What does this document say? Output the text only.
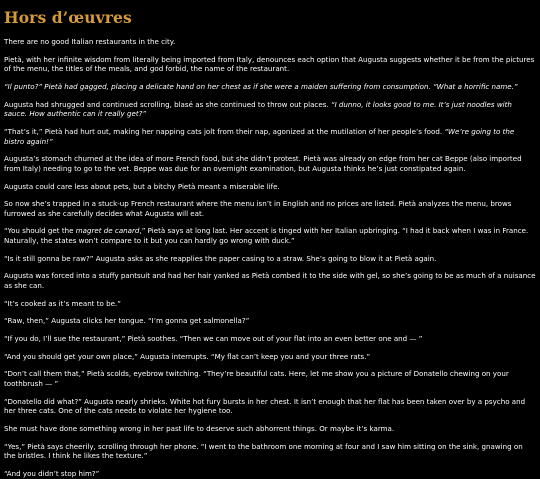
Hors d’œuvres

There are no good Italian restaurants in the city.

Pietà, with her infinite wisdom from literally being imported from Italy, denounces each option that Augusta suggests whether it be from the pictures of the menu, the titles of the meals, and god forbid, the name of the restaurant.

“Il punto?” Pietà had gagged, placing a delicate hand on her chest as if she were a maiden suffering from consumption. “What a horrific name.”

Augusta had shrugged and continued scrolling, blasé as she continued to throw out places. “I dunno, it looks good to me. It’s just noodles with sauce. How authentic can it really get?”

“That’s it,” Pietà had hurt out, making her napping cats jolt from their nap, agonized at the mutilation of her people’s food. “We’re going to the bistro again!”

Augusta’s stomach churned at the idea of more French food, but she didn’t protest. Pietà was already on edge from her cat Beppe (also imported from Italy) needing to go to the vet. Beppe was due for an overnight examination, but Augusta thinks he’s just constipated again.

Augusta could care less about pets, but a bitchy Pietà meant a miserable life.

So now she’s trapped in a stuck-up French restaurant where the menu isn’t in English and no prices are listed. Pietà analyzes the menu, brows furrowed as she carefully decides what Augusta will eat.

“You should get the magret de canard,” Pietà says at long last. Her accent is tinged with her Italian upbringing. “I had it back when I was in France. Naturally, the states won’t compare to it but you can hardly go wrong with duck.”

“Is it still gonna be raw?” Augusta asks as she reapplies the paper casing to a straw. She’s going to blow it at Pietà again.

Augusta was forced into a stuffy pantsuit and had her hair yanked as Pietà combed it to the side with gel, so she’s going to be as much of a nuisance as she can.

“It’s cooked as it’s meant to be.”

“Raw, then,” Augusta clicks her tongue. “I’m gonna get salmonella?”

“If you do, I’ll sue the restaurant,” Pietà soothes. “Then we can move out of your flat into an even better one and — ”

“And you should get your own place,” Augusta interrupts. “My flat can’t keep you and your three rats.”

“Don’t call them that,” Pietà scolds, eyebrow twitching. “They’re beautiful cats. Here, let me show you a picture of Donatello chewing on your toothbrush — ”

“Donatello did what?” Augusta nearly shrieks. White hot fury bursts in her chest. It isn’t enough that her flat has been taken over by a psycho and her three cats. One of the cats needs to violate her hygiene too.

She must have done something wrong in her past life to deserve such abhorrent things. Or maybe it’s karma.

“Yes,” Pietà says cheerily, scrolling through her phone. “I went to the bathroom one morning at four and I saw him sitting on the sink, gnawing on the bristles. I think he likes the texture.”

“And you didn’t stop him?”
